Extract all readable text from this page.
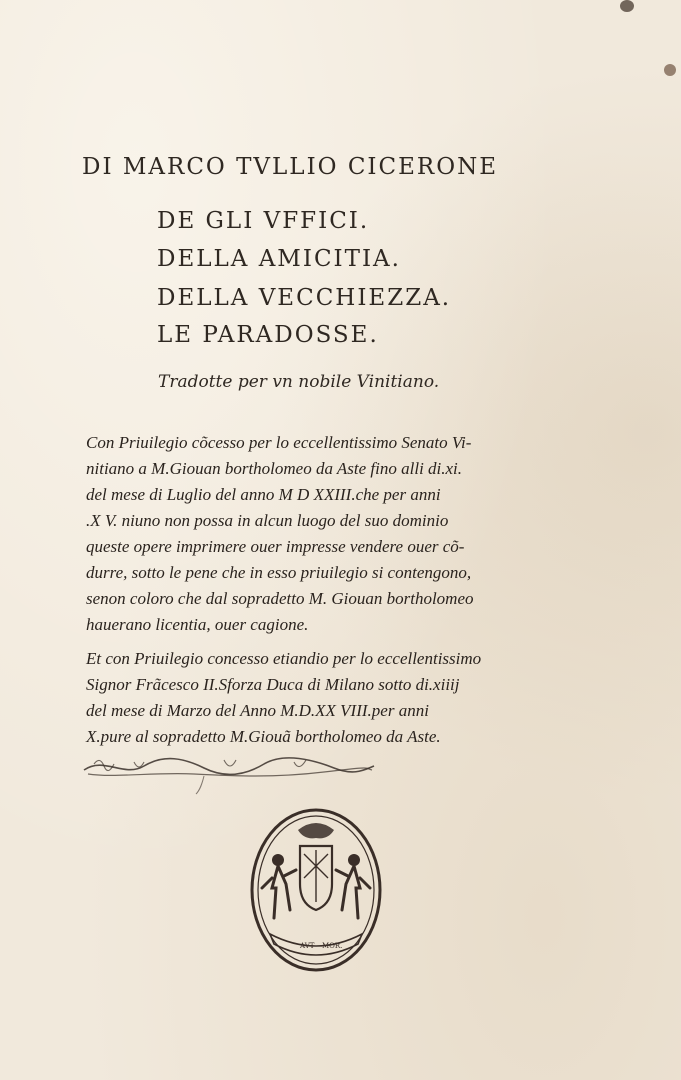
DI MARCO TVLLIO CICERONE
DE GLI VFFICI.
DELLA AMICITIA.
DELLA VECCHIEZZA.
LE PARADOSSE.
Tradotte per vn nobile Vinitiano.
Con Priuilegio cõcesso per lo eccellentissimo Senato Vi-
nitiano a M.Giouan bortholomeo da Aste fino alli di.xi.
del mese di Luglio del anno M D XXIII.che per anni
.X V. niuno non possa in alcun luogo del suo dominio
queste opere imprimere ouer impresse vendere ouer cõ-
durre, sotto le pene che in esso priuilegio si contengono,
senon coloro che dal sopradetto M. Giouan bortholomeo
hauerano licentia, ouer cagione.
Et con Priuilegio concesso etiandio per lo eccellentissimo
Signor Frãcesco II.Sforza Duca di Milano sotto di.xiiij
del mese di Marzo del Anno M.D.XX VIII.per anni
X.pure al sopradetto M.Giouã bortholomeo da Aste.
AVT MOR.
